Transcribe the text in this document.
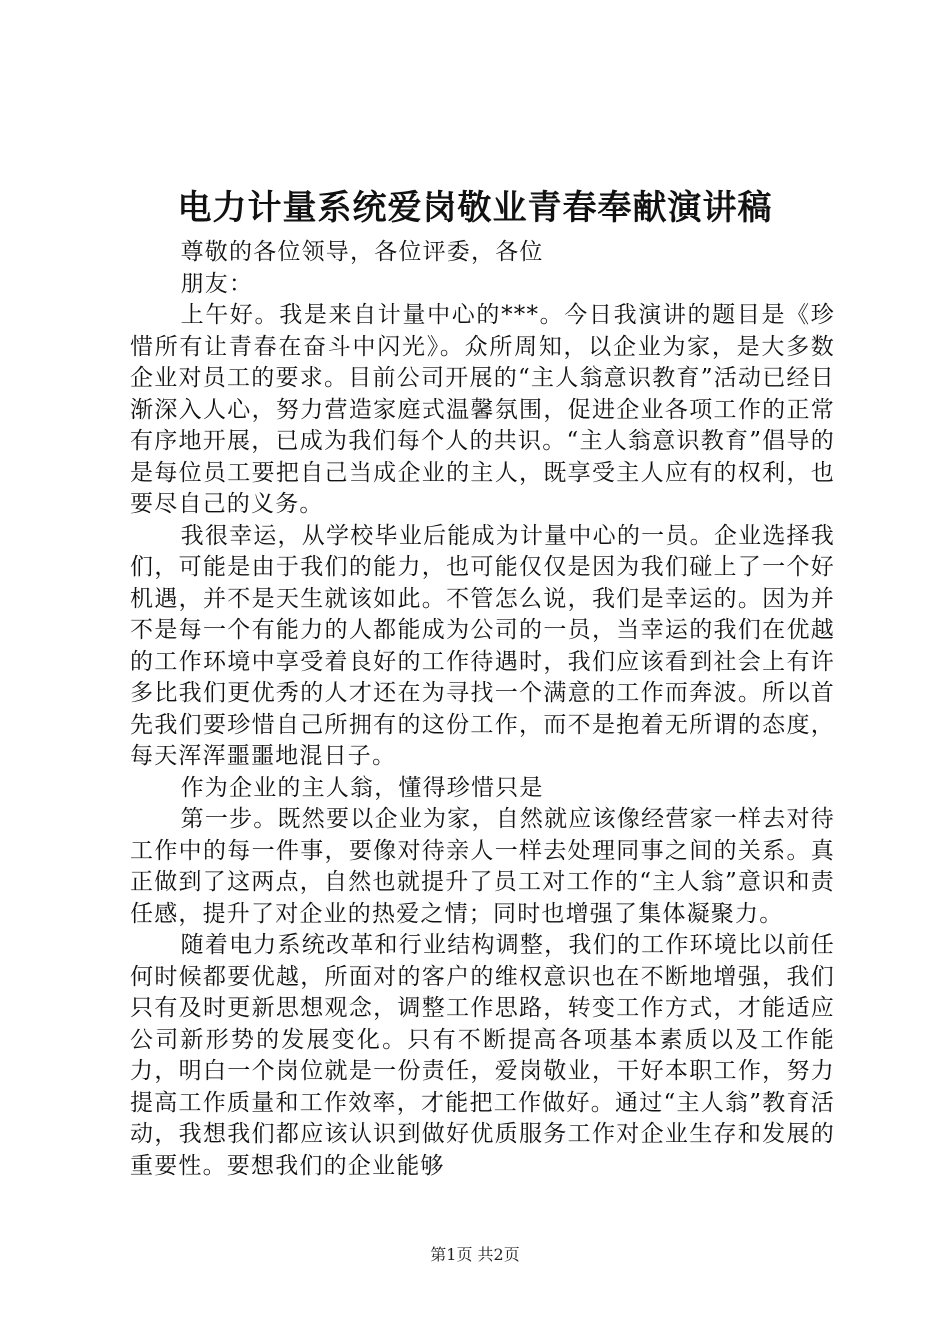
电力计量系统爱岗敬业青春奉献演讲稿

尊敬的各位领导，各位评委，各位

朋友：

上午好。我是来自计量中心的***。今日我演讲的题目是《珍惜所有让青春在奋斗中闪光》。众所周知，以企业为家，是大多数企业对员工的要求。目前公司开展的“主人翁意识教育”活动已经日渐深入人心，努力营造家庭式温馨氛围，促进企业各项工作的正常有序地开展，已成为我们每个人的共识。“主人翁意识教育”倡导的是每位员工要把自己当成企业的主人，既享受主人应有的权利，也要尽自己的义务。

我很幸运，从学校毕业后能成为计量中心的一员。企业选择我们，可能是由于我们的能力，也可能仅仅是因为我们碰上了一个好机遇，并不是天生就该如此。不管怎么说，我们是幸运的。因为并不是每一个有能力的人都能成为公司的一员，当幸运的我们在优越的工作环境中享受着良好的工作待遇时，我们应该看到社会上有许多比我们更优秀的人才还在为寻找一个满意的工作而奔波。所以首先我们要珍惜自己所拥有的这份工作，而不是抱着无所谓的态度，每天浑浑噩噩地混日子。

作为企业的主人翁，懂得珍惜只是

第一步。既然要以企业为家，自然就应该像经营家一样去对待工作中的每一件事，要像对待亲人一样去处理同事之间的关系。真正做到了这两点，自然也就提升了员工对工作的“主人翁”意识和责任感，提升了对企业的热爱之情；同时也增强了集体凝聚力。

随着电力系统改革和行业结构调整，我们的工作环境比以前任何时候都要优越，所面对的客户的维权意识也在不断地增强，我们只有及时更新思想观念，调整工作思路，转变工作方式，才能适应公司新形势的发展变化。只有不断提高各项基本素质以及工作能力，明白一个岗位就是一份责任，爱岗敬业，干好本职工作，努力提高工作质量和工作效率，才能把工作做好。通过“主人翁”教育活动，我想我们都应该认识到做好优质服务工作对企业生存和发展的重要性。要想我们的企业能够

第1页 共2页
